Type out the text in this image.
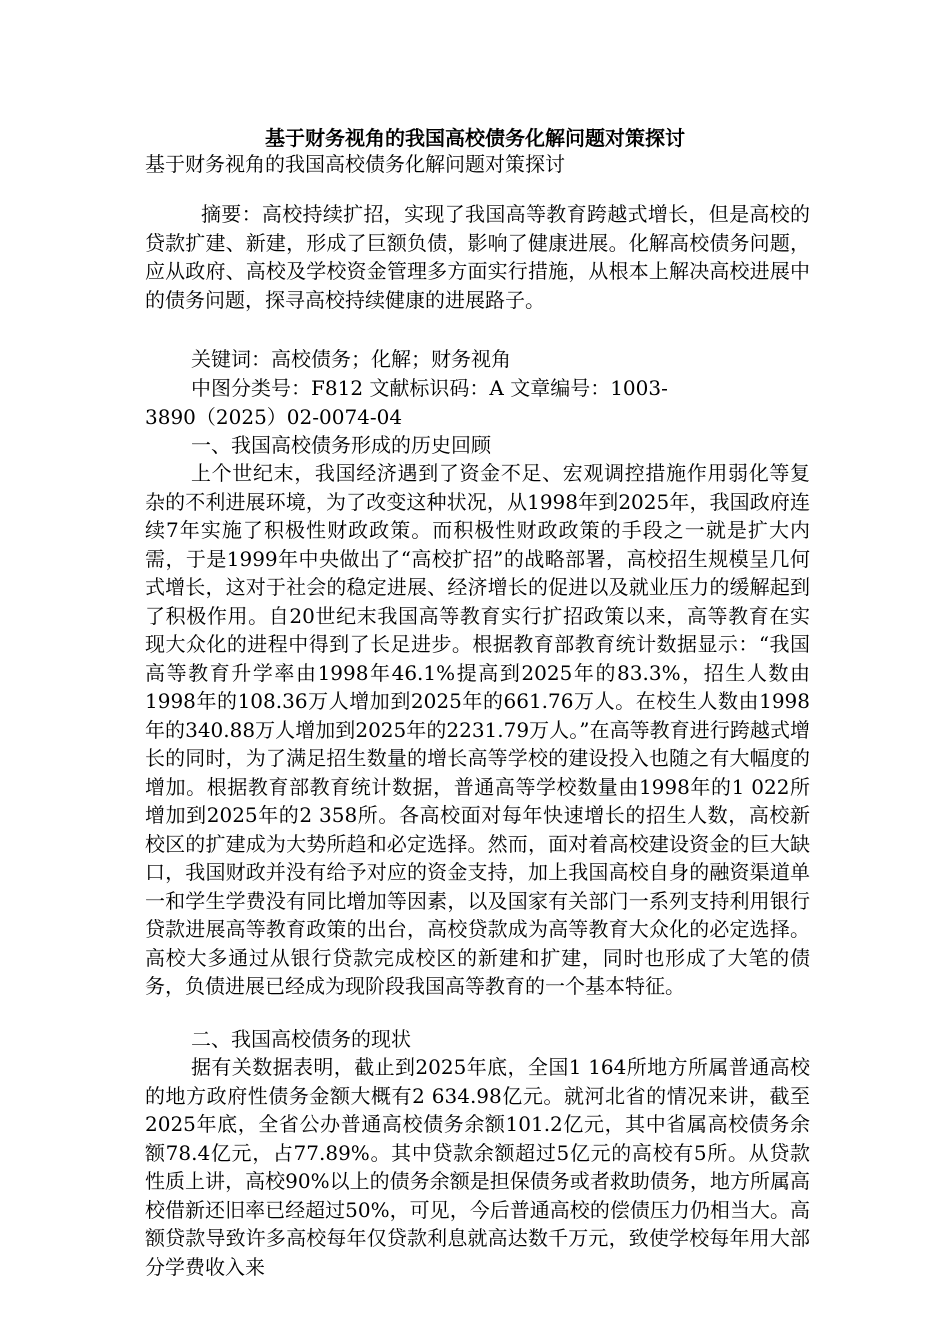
基于财务视角的我国高校债务化解问题对策探讨

基于财务视角的我国高校债务化解问题对策探讨

摘要：高校持续扩招，实现了我国高等教育跨越式增长，但是高校的贷款扩建、新建，形成了巨额负债，影响了健康进展。化解高校债务问题，应从政府、高校及学校资金管理多方面实行措施，从根本上解决高校进展中的债务问题，探寻高校持续健康的进展路子。

关键词：高校债务；化解；财务视角

中图分类号：F812 文献标识码：A 文章编号：1003-
3890（2025）02-0074-04

一、我国高校债务形成的历史回顾

上个世纪末，我国经济遇到了资金不足、宏观调控措施作用弱化等复杂的不利进展环境，为了改变这种状况，从1998年到2025年，我国政府连续7年实施了积极性财政政策。而积极性财政政策的手段之一就是扩大内需，于是1999年中央做出了“高校扩招”的战略部署，高校招生规模呈几何式增长，这对于社会的稳定进展、经济增长的促进以及就业压力的缓解起到了积极作用。自20世纪末我国高等教育实行扩招政策以来，高等教育在实现大众化的进程中得到了长足进步。根据教育部教育统计数据显示：“我国高等教育升学率由1998年46.1%提高到2025年的83.3%，招生人数由1998年的108.36万人增加到2025年的661.76万人。在校生人数由1998年的340.88万人增加到2025年的2231.79万人。”在高等教育进行跨越式增长的同时，为了满足招生数量的增长高等学校的建设投入也随之有大幅度的增加。根据教育部教育统计数据，普通高等学校数量由1998年的1 022所增加到2025年的2 358所。各高校面对每年快速增长的招生人数，高校新校区的扩建成为大势所趋和必定选择。然而，面对着高校建设资金的巨大缺口，我国财政并没有给予对应的资金支持，加上我国高校自身的融资渠道单一和学生学费没有同比增加等因素，以及国家有关部门一系列支持利用银行贷款进展高等教育政策的出台，高校贷款成为高等教育大众化的必定选择。高校大多通过从银行贷款完成校区的新建和扩建，同时也形成了大笔的债务，负债进展已经成为现阶段我国高等教育的一个基本特征。

二、我国高校债务的现状

据有关数据表明，截止到2025年底，全国1 164所地方所属普通高校的地方政府性债务金额大概有2 634.98亿元。就河北省的情况来讲，截至2025年底，全省公办普通高校债务余额101.2亿元，其中省属高校债务余额78.4亿元，占77.89%。其中贷款余额超过5亿元的高校有5所。从贷款性质上讲，高校90%以上的债务余额是担保债务或者救助债务，地方所属高校借新还旧率已经超过50%，可见，今后普通高校的偿债压力仍相当大。高额贷款导致许多高校每年仅贷款利息就高达数千万元，致使学校每年用大部分学费收入来
